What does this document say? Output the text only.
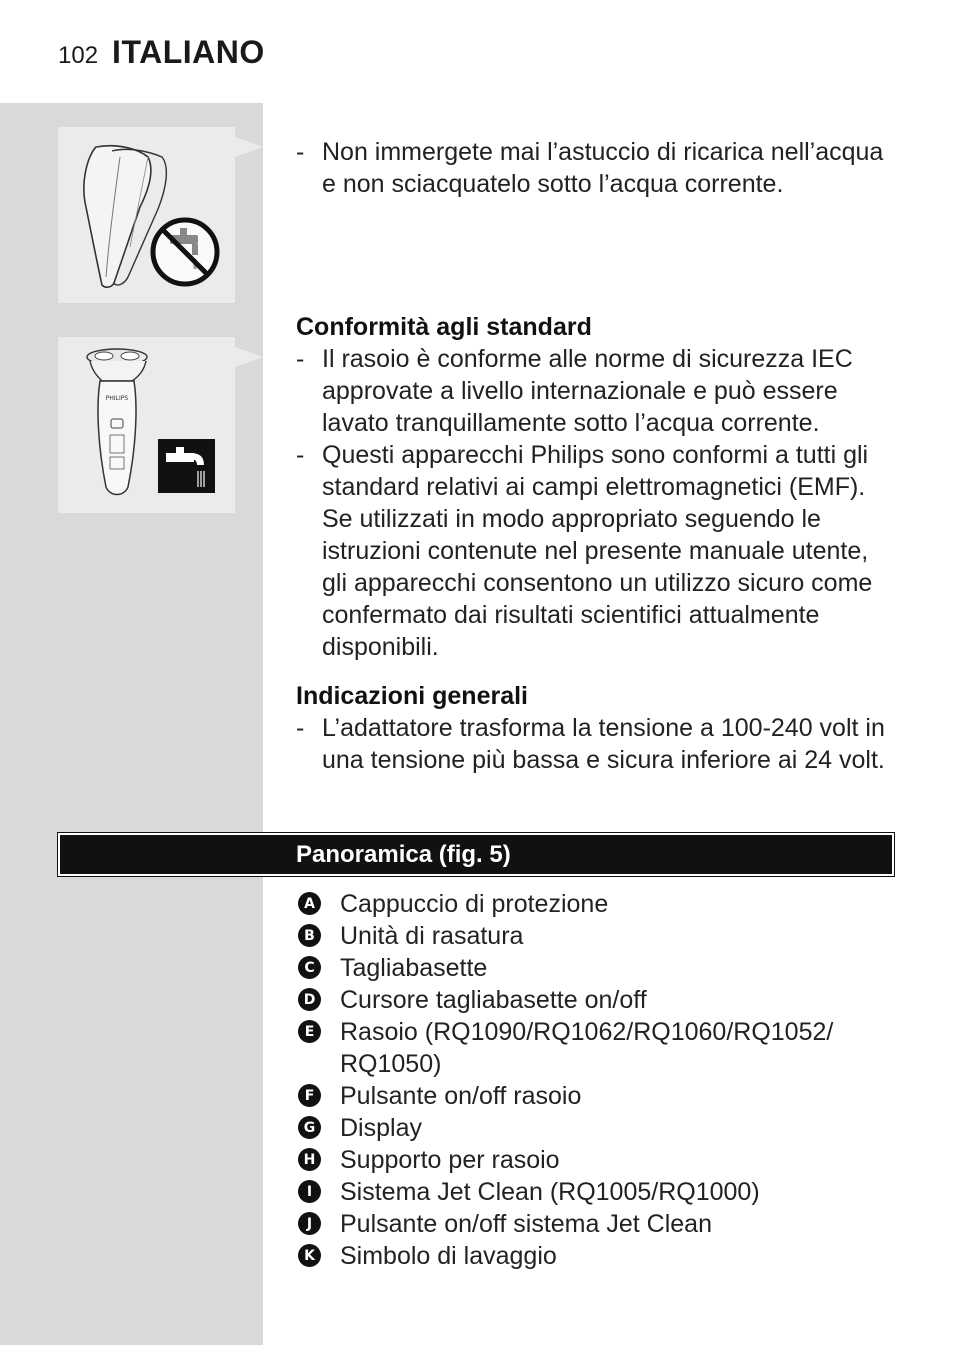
102 ITALIANO
PHILIPS
- Non immergete mai l’astuccio di ricarica nell’acqua e non sciacquatelo sotto l’acqua corrente.

Conformità agli standard

- Il rasoio è conforme alle norme di sicurezza IEC approvate a livello internazionale e può essere lavato tranquillamente sotto l’acqua corrente.
- Questi apparecchi Philips sono conformi a tutti gli standard relativi ai campi elettromagnetici (EMF). Se utilizzati in modo appropriato seguendo le istruzioni contenute nel presente manuale utente, gli apparecchi consentono un utilizzo sicuro come confermato dai risultati scientifici attualmente disponibili.

Indicazioni generali

- L’adattatore trasforma la tensione a 100-240 volt in una tensione più bassa e sicura inferiore ai 24 volt.
Panoramica (fig. 5)
A Cappuccio di protezione
B Unità di rasatura
C Tagliabasette
D Cursore tagliabasette on/off
E Rasoio (RQ1090/RQ1062/RQ1060/RQ1052/ RQ1050)
F Pulsante on/off rasoio
G Display
H Supporto per rasoio
I	Sistema Jet Clean (RQ1005/RQ1000)
J	Pulsante on/off sistema Jet Clean
K Simbolo di lavaggio
